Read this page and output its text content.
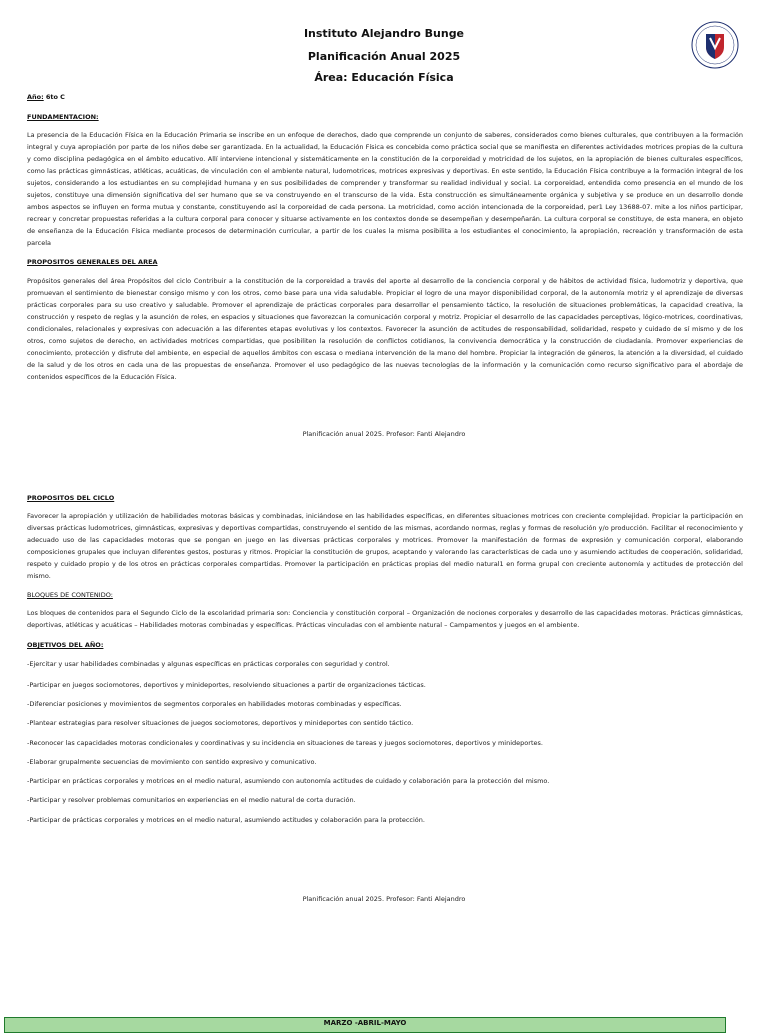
Instituto Alejandro Bunge
Planificación Anual 2025
Área: Educación Física
Año: 6to C
FUNDAMENTACION:
La presencia de la Educación Física en la Educación Primaria se inscribe en un enfoque de derechos, dado que comprende un conjunto de saberes, considerados como bienes culturales, que contribuyen a la formación integral y cuya apropiación por parte de los niños debe ser garantizada. En la actualidad, la Educación Física es concebida como práctica social que se manifiesta en diferentes actividades motrices propias de la cultura y como disciplina pedagógica en el ámbito educativo. Allí interviene intencional y sistemáticamente en la constitución de la corporeidad y motricidad de los sujetos, en la apropiación de bienes culturales específicos, como las prácticas gimnásticas, atléticas, acuáticas, de vinculación con el ambiente natural, ludomotrices, motrices expresivas y deportivas. En este sentido, la Educación Física contribuye a la formación integral de los sujetos, considerando a los estudiantes en su complejidad humana y en sus posibilidades de comprender y transformar su realidad individual y social. La corporeidad, entendida como presencia en el mundo de los sujetos, constituye una dimensión significativa del ser humano que se va construyendo en el transcurso de la vida. Esta construcción es simultáneamente orgánica y subjetiva y se produce en un desarrollo donde ambos aspectos se influyen en forma mutua y constante, constituyendo así la corporeidad de cada persona. La motricidad, como acción intencionada de la corporeidad, per1 Ley 13688-07. mite a los niños participar, recrear y concretar propuestas referidas a la cultura corporal para conocer y situarse activamente en los contextos donde se desempeñan y desempeñarán. La cultura corporal se constituye, de esta manera, en objeto de enseñanza de la Educación Física mediante procesos de determinación curricular, a partir de los cuales la misma posibilita a los estudiantes el conocimiento, la apropiación, recreación y transformación de esta parcela
PROPOSITOS GENERALES DEL AREA
Propósitos generales del área Propósitos del ciclo Contribuir a la constitución de la corporeidad a través del aporte al desarrollo de la conciencia corporal y de hábitos de actividad física, ludomotriz y deportiva, que promuevan el sentimiento de bienestar consigo mismo y con los otros, como base para una vida saludable. Propiciar el logro de una mayor disponibilidad corporal, de la autonomía motriz y el aprendizaje de diversas prácticas corporales para su uso creativo y saludable. Promover el aprendizaje de prácticas corporales para desarrollar el pensamiento táctico, la resolución de situaciones problemáticas, la capacidad creativa, la construcción y respeto de reglas y la asunción de roles, en espacios y situaciones que favorezcan la comunicación corporal y motriz. Propiciar el desarrollo de las capacidades perceptivas, lógico-motrices, coordinativas, condicionales, relacionales y expresivas con adecuación a las diferentes etapas evolutivas y los contextos. Favorecer la asunción de actitudes de responsabilidad, solidaridad, respeto y cuidado de sí mismo y de los otros, como sujetos de derecho, en actividades motrices compartidas, que posibiliten la resolución de conflictos cotidianos, la convivencia democrática y la construcción de ciudadanía. Promover experiencias de conocimiento, protección y disfrute del ambiente, en especial de aquellos ámbitos con escasa o mediana intervención de la mano del hombre. Propiciar la integración de géneros, la atención a la diversidad, el cuidado de la salud y de los otros en cada una de las propuestas de enseñanza. Promover el uso pedagógico de las nuevas tecnologías de la información y la comunicación como recurso significativo para el abordaje de contenidos específicos de la Educación Física.
Planificación anual 2025. Profesor: Fanti Alejandro
PROPOSITOS DEL CICLO
Favorecer la apropiación y utilización de habilidades motoras básicas y combinadas, iniciándose en las habilidades específicas, en diferentes situaciones motrices con creciente complejidad. Propiciar la participación en diversas prácticas ludomotrices, gimnásticas, expresivas y deportivas compartidas, construyendo el sentido de las mismas, acordando normas, reglas y formas de resolución y/o producción. Facilitar el reconocimiento y adecuado uso de las capacidades motoras que se pongan en juego en las diversas prácticas corporales y motrices. Promover la manifestación de formas de expresión y comunicación corporal, elaborando composiciones grupales que incluyan diferentes gestos, posturas y ritmos. Propiciar la constitución de grupos, aceptando y valorando las características de cada uno y asumiendo actitudes de cooperación, solidaridad, respeto y cuidado propio y de los otros en prácticas corporales compartidas. Promover la participación en prácticas propias del medio natural1 en forma grupal con creciente autonomía y actitudes de protección del mismo.
BLOQUES DE CONTENIDO:
Los bloques de contenidos para el Segundo Ciclo de la escolaridad primaria son: Conciencia y constitución corporal – Organización de nociones corporales y desarrollo de las capacidades motoras. Prácticas gimnásticas, deportivas, atléticas y acuáticas – Habilidades motoras combinadas y específicas. Prácticas vinculadas con el ambiente natural – Campamentos y juegos en el ambiente.
OBJETIVOS DEL AÑO:
-Ejercitar y usar habilidades combinadas y algunas específicas en prácticas corporales con seguridad y control.
-Participar en juegos sociomotores, deportivos y minideportes, resolviendo situaciones a partir de organizaciones tácticas.
-Diferenciar posiciones y movimientos de segmentos corporales en habilidades motoras combinadas y específicas.
-Plantear estrategias para resolver situaciones de juegos sociomotores, deportivos y minideportes con sentido táctico.
-Reconocer las capacidades motoras condicionales y coordinativas y su incidencia en situaciones de tareas y juegos sociomotores, deportivos y minideportes.
-Elaborar grupalmente secuencias de movimiento con sentido expresivo y comunicativo.
-Participar en prácticas corporales y motrices en el medio natural, asumiendo con autonomía actitudes de cuidado y colaboración para la protección del mismo.
-Participar y resolver problemas comunitarios en experiencias en el medio natural de corta duración.
-Participar de prácticas corporales y motrices en el medio natural, asumiendo actitudes y colaboración para la protección.
Planificación anual 2025. Profesor: Fanti Alejandro
MARZO -ABRIL-MAYO
